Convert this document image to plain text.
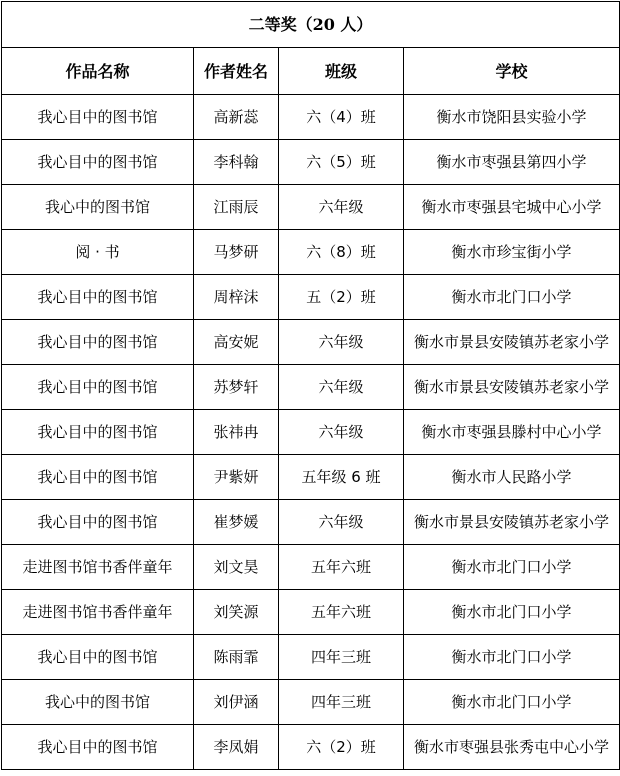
二等奖（20 人）			
作品名称	作者姓名	班级	学校
我心目中的图书馆	高新蕊	六（4）班	衡水市饶阳县实验小学
我心目中的图书馆	李科翰	六（5）班	衡水市枣强县第四小学
我心中的图书馆	江雨辰	六年级	衡水市枣强县宅城中心小学
阅 · 书	马梦研	六（8）班	衡水市珍宝街小学
我心目中的图书馆	周梓沫	五（2）班	衡水市北门口小学
我心目中的图书馆	高安妮	六年级	衡水市景县安陵镇苏老家小学
我心目中的图书馆	苏梦轩	六年级	衡水市景县安陵镇苏老家小学
我心目中的图书馆	张祎冉	六年级	衡水市枣强县滕村中心小学
我心目中的图书馆	尹紫妍	五年级 6 班	衡水市人民路小学
我心目中的图书馆	崔梦媛	六年级	衡水市景县安陵镇苏老家小学
走进图书馆书香伴童年	刘文昊	五年六班	衡水市北门口小学
走进图书馆书香伴童年	刘笑源	五年六班	衡水市北门口小学
我心目中的图书馆	陈雨霏	四年三班	衡水市北门口小学
我心中的图书馆	刘伊涵	四年三班	衡水市北门口小学
我心目中的图书馆	李凤娟	六（2）班	衡水市枣强县张秀屯中心小学
